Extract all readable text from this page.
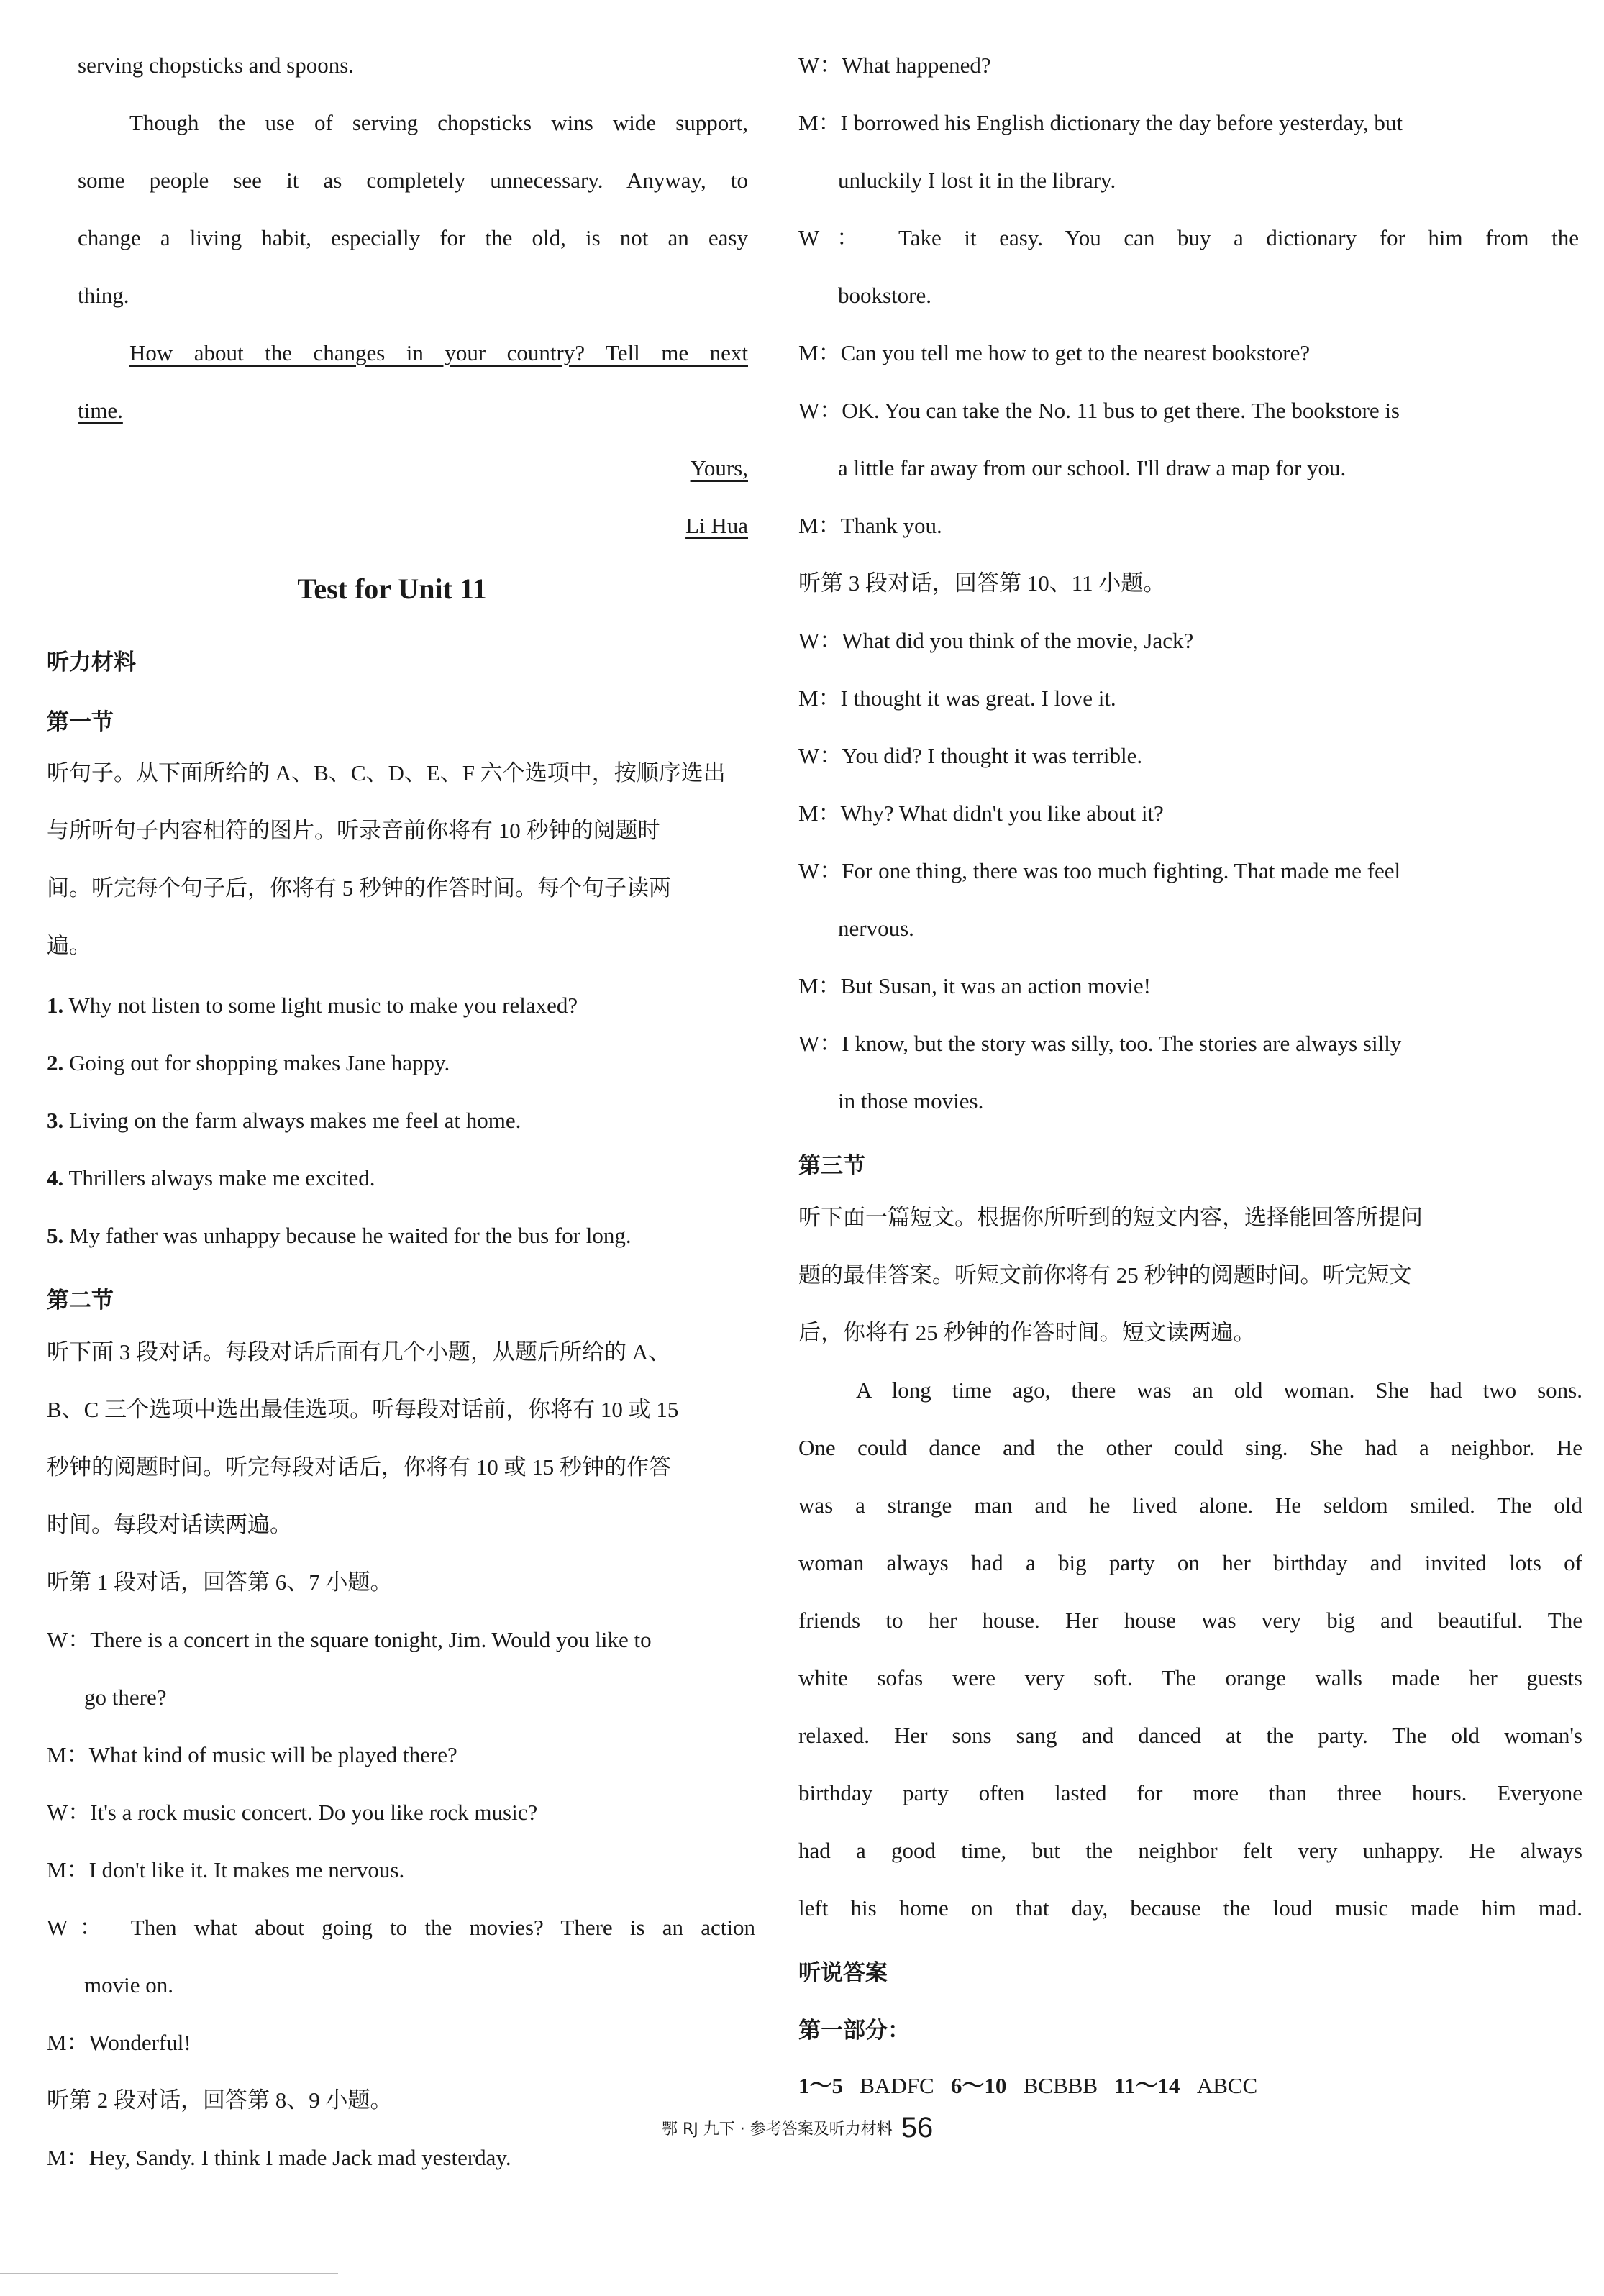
serving chopsticks and spoons.
Though the use of serving chopsticks wins wide support,
some people see it as completely unnecessary. Anyway, to
change a living habit, especially for the old, is not an easy
thing.
How about the changes in your country? Tell me next
time.
Yours,
Li Hua
Test for Unit 11
听力材料
第一节
听句子。从下面所给的 A、B、C、D、E、F 六个选项中，按顺序选出
与所听句子内容相符的图片。听录音前你将有 10 秒钟的阅题时
间。听完每个句子后，你将有 5 秒钟的作答时间。每个句子读两
遍。
1. Why not listen to some light music to make you relaxed?
2. Going out for shopping makes Jane happy.
3. Living on the farm always makes me feel at home.
4. Thrillers always make me excited.
5. My father was unhappy because he waited for the bus for long.
第二节
听下面 3 段对话。每段对话后面有几个小题，从题后所给的 A、
B、C 三个选项中选出最佳选项。听每段对话前，你将有 10 或 15
秒钟的阅题时间。听完每段对话后，你将有 10 或 15 秒钟的作答
时间。每段对话读两遍。
听第 1 段对话，回答第 6、7 小题。
W：There is a concert in the square tonight, Jim. Would you like to
go there?
M：What kind of music will be played there?
W：It's a rock music concert. Do you like rock music?
M：I don't like it. It makes me nervous.
W： Then what about going to the movies? There is an action
movie on.
M：Wonderful!
听第 2 段对话，回答第 8、9 小题。
M：Hey, Sandy. I think I made Jack mad yesterday.
W：What happened?
M：I borrowed his English dictionary the day before yesterday, but
unluckily I lost it in the library.
W： Take it easy. You can buy a dictionary for him from the
bookstore.
M：Can you tell me how to get to the nearest bookstore?
W：OK. You can take the No. 11 bus to get there. The bookstore is
a little far away from our school. I'll draw a map for you.
M：Thank you.
听第 3 段对话，回答第 10、11 小题。
W：What did you think of the movie, Jack?
M：I thought it was great. I love it.
W：You did? I thought it was terrible.
M：Why? What didn't you like about it?
W：For one thing, there was too much fighting. That made me feel
nervous.
M：But Susan, it was an action movie!
W：I know, but the story was silly, too. The stories are always silly
in those movies.
第三节
听下面一篇短文。根据你所听到的短文内容，选择能回答所提问
题的最佳答案。听短文前你将有 25 秒钟的阅题时间。听完短文
后，你将有 25 秒钟的作答时间。短文读两遍。
A long time ago, there was an old woman. She had two sons.
One could dance and the other could sing. She had a neighbor. He
was a strange man and he lived alone. He seldom smiled. The old
woman always had a big party on her birthday and invited lots of
friends to her house. Her house was very big and beautiful. The
white sofas were very soft. The orange walls made her guests
relaxed. Her sons sang and danced at the party. The old woman's
birthday party often lasted for more than three hours. Everyone
had a good time, but the neighbor felt very unhappy. He always
left his home on that day, because the loud music made him mad.
听说答案
第一部分：
1～5 BADFC 6～10 BCBBB 11～14 ABCC
鄂 RJ 九下 · 参考答案及听力材料 56
